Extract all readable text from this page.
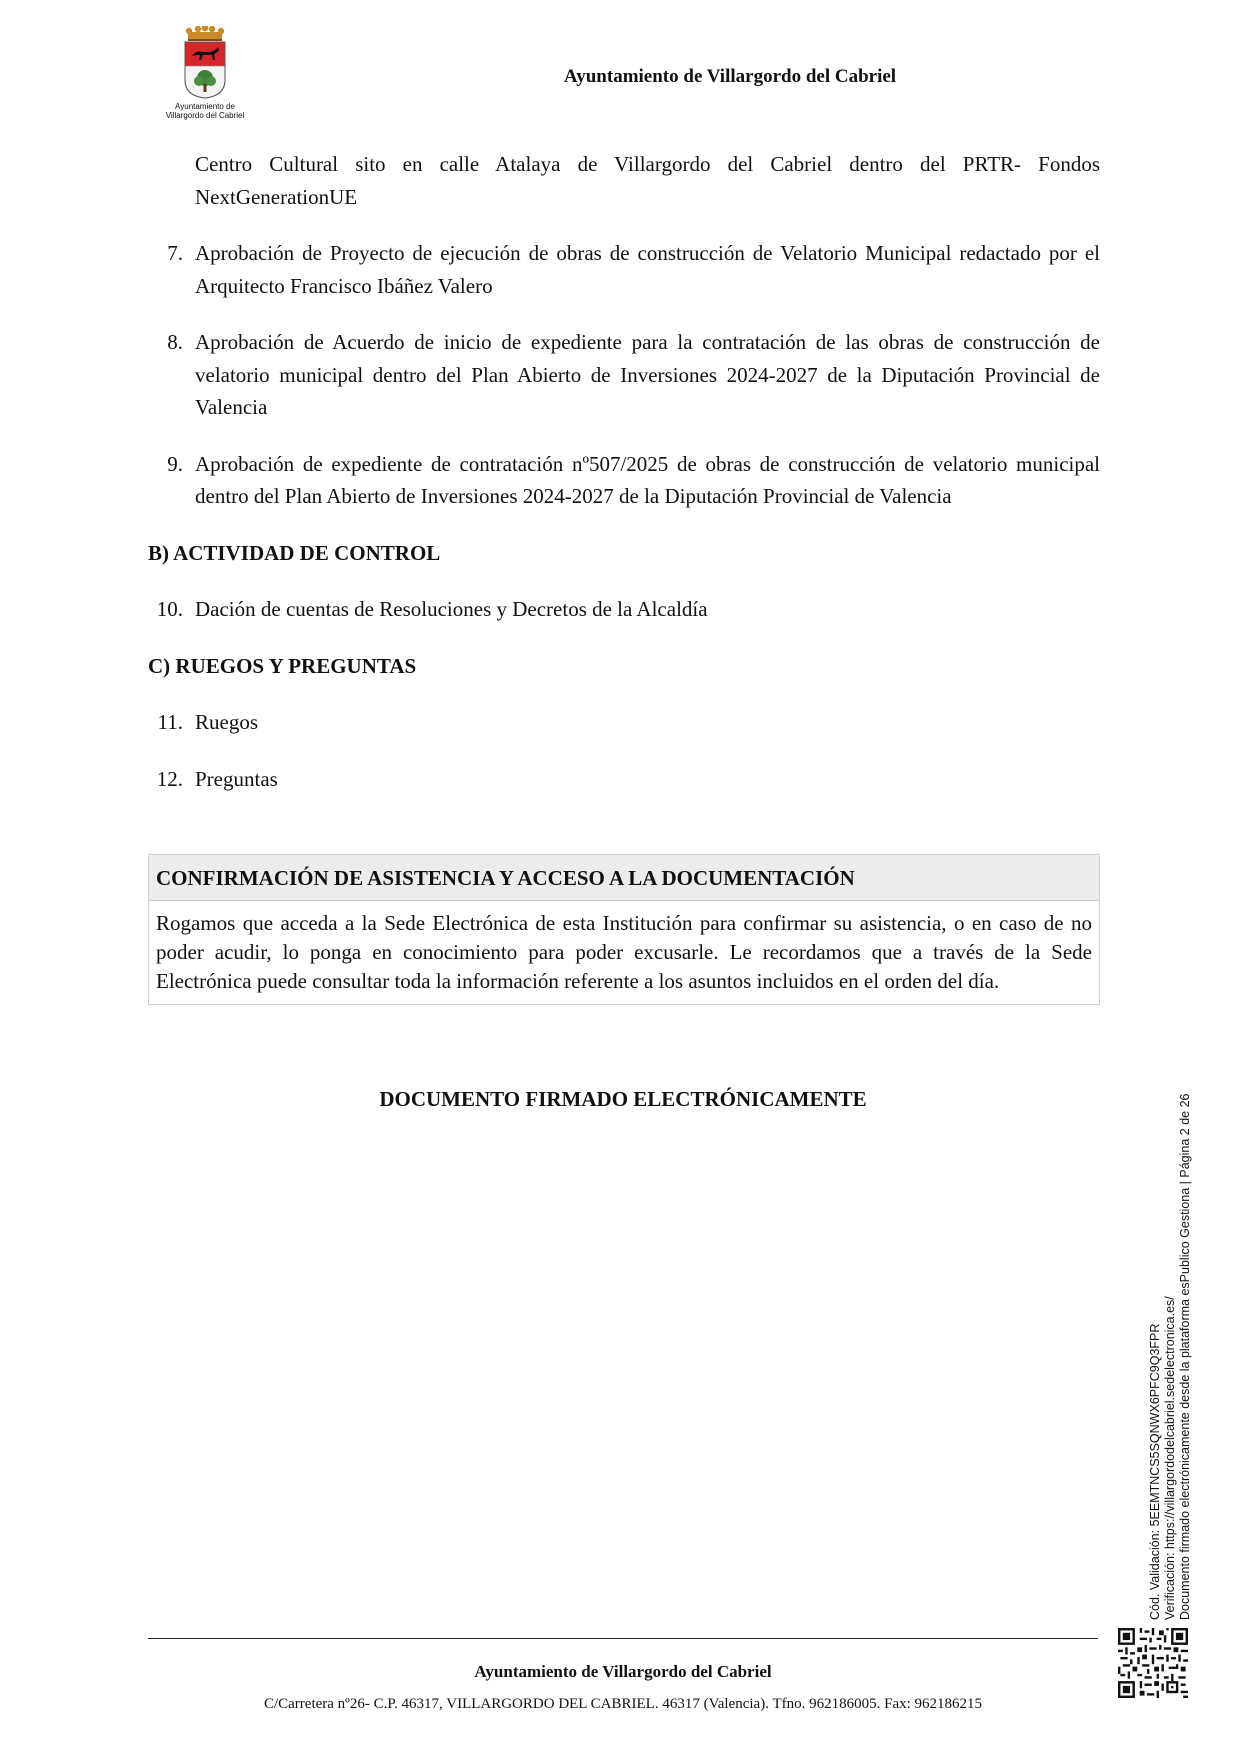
Ayuntamiento de
Villargordo del Cabriel
Ayuntamiento de Villargordo del Cabriel

Centro Cultural sito en calle Atalaya de Villargordo del Cabriel dentro del PRTR- Fondos NextGenerationUE

7. Aprobación de Proyecto de ejecución de obras de construcción de Velatorio Municipal redactado por el Arquitecto Francisco Ibáñez Valero
8. Aprobación de Acuerdo de inicio de expediente para la contratación de las obras de construcción de velatorio municipal dentro del Plan Abierto de Inversiones 2024-2027 de la Diputación Provincial de Valencia
9. Aprobación de expediente de contratación nº507/2025 de obras de construcción de velatorio municipal dentro del Plan Abierto de Inversiones 2024-2027 de la Diputación Provincial de Valencia
B) ACTIVIDAD DE CONTROL
10. Dación de cuentas de Resoluciones y Decretos de la Alcaldía
C) RUEGOS Y PREGUNTAS
11. Ruegos
12. Preguntas
CONFIRMACIÓN DE ASISTENCIA Y ACCESO A LA DOCUMENTACIÓN
Rogamos que acceda a la Sede Electrónica de esta Institución para confirmar su asistencia, o en caso de no poder acudir, lo ponga en conocimiento para poder excusarle. Le recordamos que a través de la Sede Electrónica puede consultar toda la información referente a los asuntos incluidos en el orden del día.
DOCUMENTO FIRMADO ELECTRÓNICAMENTE
Cód. Validación: 5EEMTNCS5SQNWX6PFC9Q3FPR Verificación: https://villargordodelcabriel.sedelectronica.es/ Documento firmado electrónicamente desde la plataforma esPublico Gestiona | Página 2 de 26
Ayuntamiento de Villargordo del Cabriel
C/Carretera nº26- C.P. 46317, VILLARGORDO DEL CABRIEL. 46317 (Valencia). Tfno. 962186005. Fax: 962186215
